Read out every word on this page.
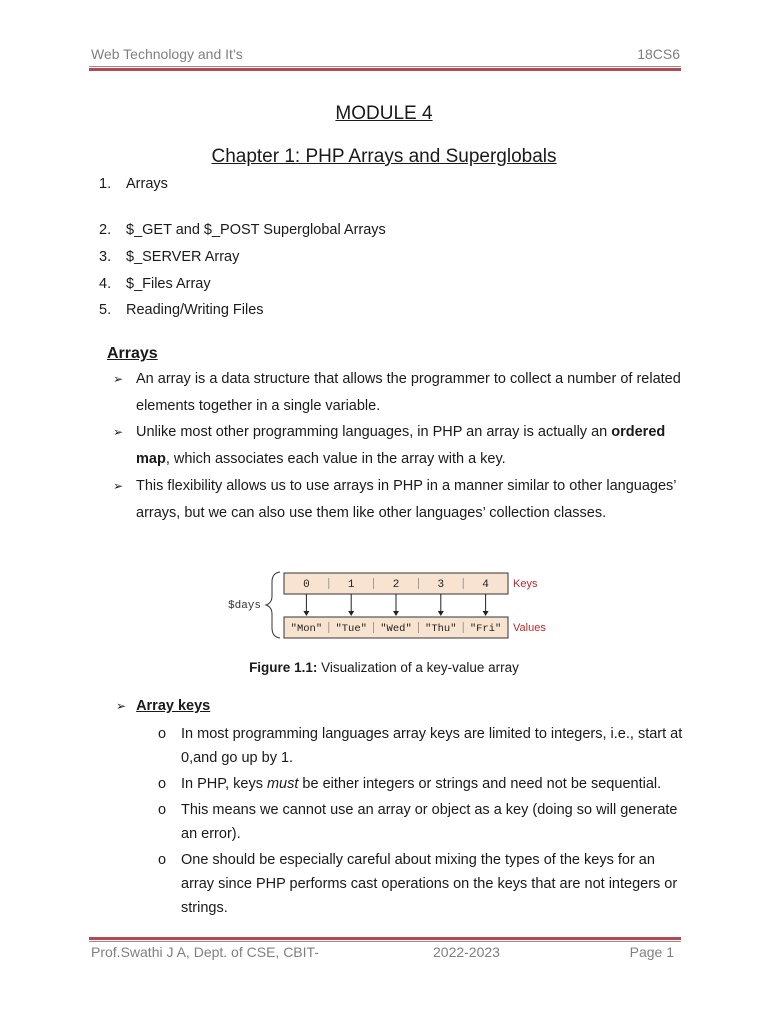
Web Technology and It’s	18CS6
MODULE 4
Chapter 1: PHP Arrays and Superglobals
1. Arrays
2. $_GET and $_POST Superglobal Arrays
3. $_SERVER Array
4. $_Files Array
5. Reading/Writing Files
Arrays

➢ An array is a data structure that allows the programmer to collect a number of related elements together in a single variable.

➢ Unlike most other programming languages, in PHP an array is actually an ordered map, which associates each value in the array with a key.

➢ This flexibility allows us to use arrays in PHP in a manner similar to other languages’ arrays, but we can also use them like other languages’ collection classes.

$days
0
"Mon"
1
"Tue"
2
"Wed"
3
"Thu"
4
"Fri"
Keys
Values
Figure 1.1: Visualization of a key-value array
➢ Array keys
o In most programming languages array keys are limited to integers, i.e., start at 0,and go up by 1.
o In PHP, keys must be either integers or strings and need not be sequential.
o This means we cannot use an array or object as a key (doing so will generate an error).
o One should be especially careful about mixing the types of the keys for an array since PHP performs cast operations on the keys that are not integers or strings.
Prof.Swathi J A, Dept. of CSE, CBIT-	2022-2023	Page 1
